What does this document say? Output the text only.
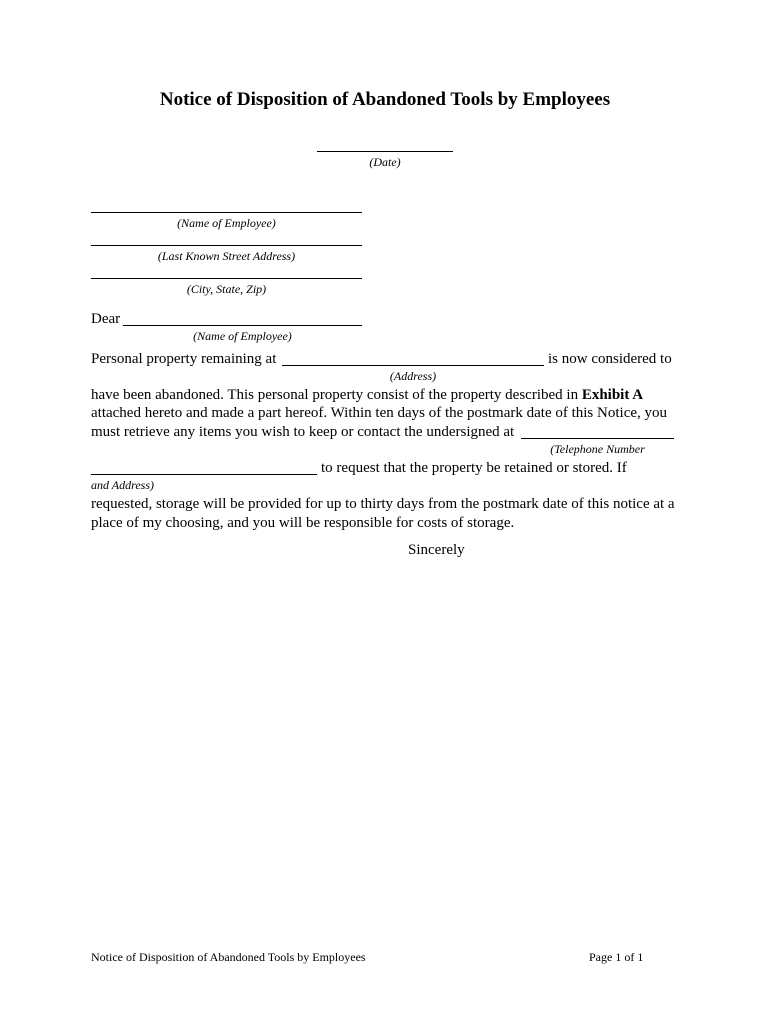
Notice of Disposition of Abandoned Tools by Employees
(Date)
(Name of Employee)
(Last Known Street Address)
(City, State, Zip)
Dear
(Name of Employee)
Personal property remaining at	is now considered to
(Address)
have been abandoned. This personal property consist of the property described in Exhibit A
attached hereto and made a part hereof. Within ten days of the postmark date of this Notice, you
must retrieve any items you wish to keep or contact the undersigned at
(Telephone Number
to request that the property be retained or stored. If
and Address)
requested, storage will be provided for up to thirty days from the postmark date of this notice at a
place of my choosing, and you will be responsible for costs of storage.
Sincerely
Notice of Disposition of Abandoned Tools by Employees	Page 1 of 1
